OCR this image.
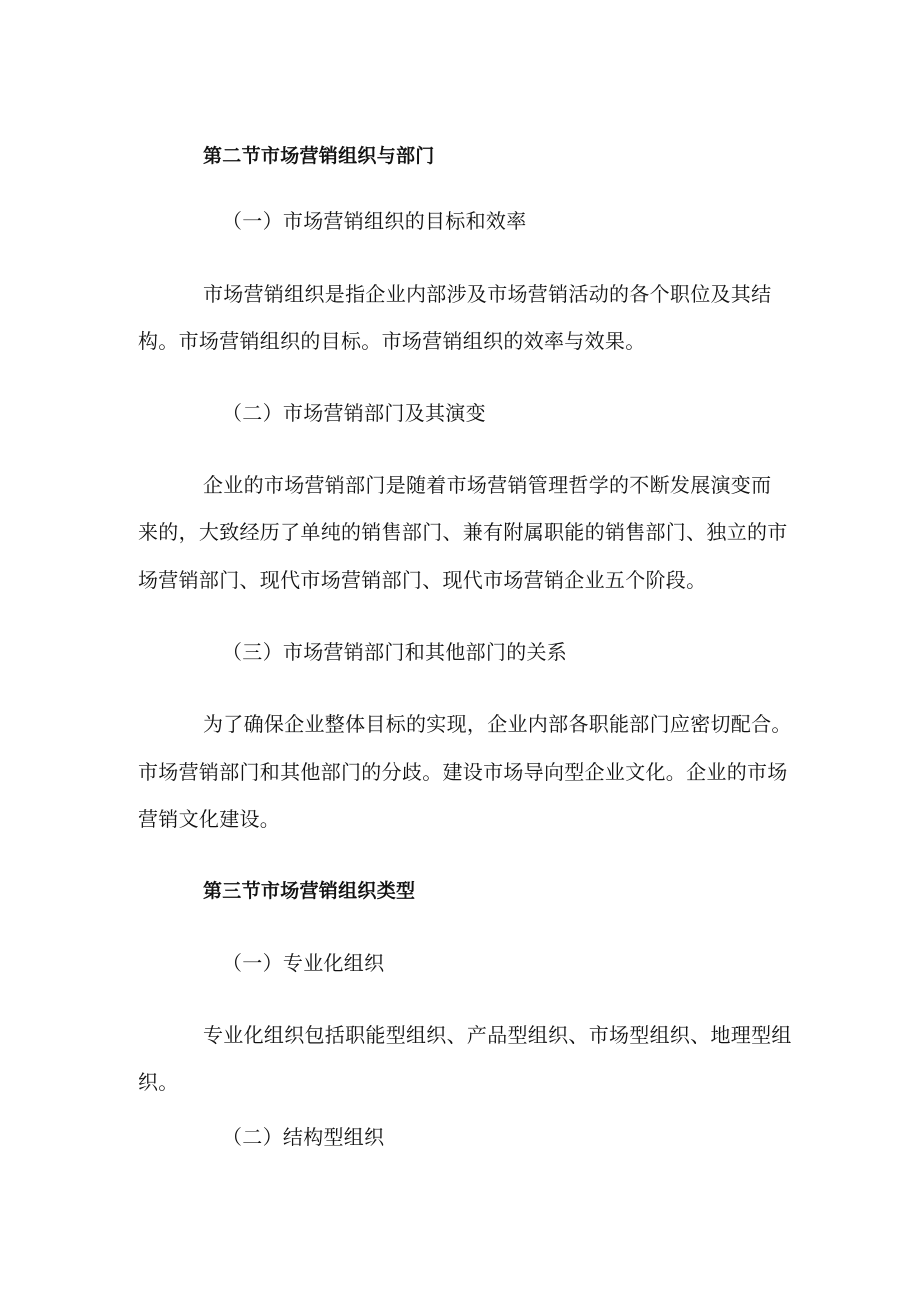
第二节市场营销组织与部门
（一）市场营销组织的目标和效率
市场营销组织是指企业内部涉及市场营销活动的各个职位及其结
构。市场营销组织的目标。市场营销组织的效率与效果。
（二）市场营销部门及其演变
企业的市场营销部门是随着市场营销管理哲学的不断发展演变而
来的，大致经历了单纯的销售部门、兼有附属职能的销售部门、独立的市
场营销部门、现代市场营销部门、现代市场营销企业五个阶段。
（三）市场营销部门和其他部门的关系
为了确保企业整体目标的实现，企业内部各职能部门应密切配合。
市场营销部门和其他部门的分歧。建设市场导向型企业文化。企业的市场
营销文化建设。
第三节市场营销组织类型
（一）专业化组织
专业化组织包括职能型组织、产品型组织、市场型组织、地理型组
织。
（二）结构型组织
